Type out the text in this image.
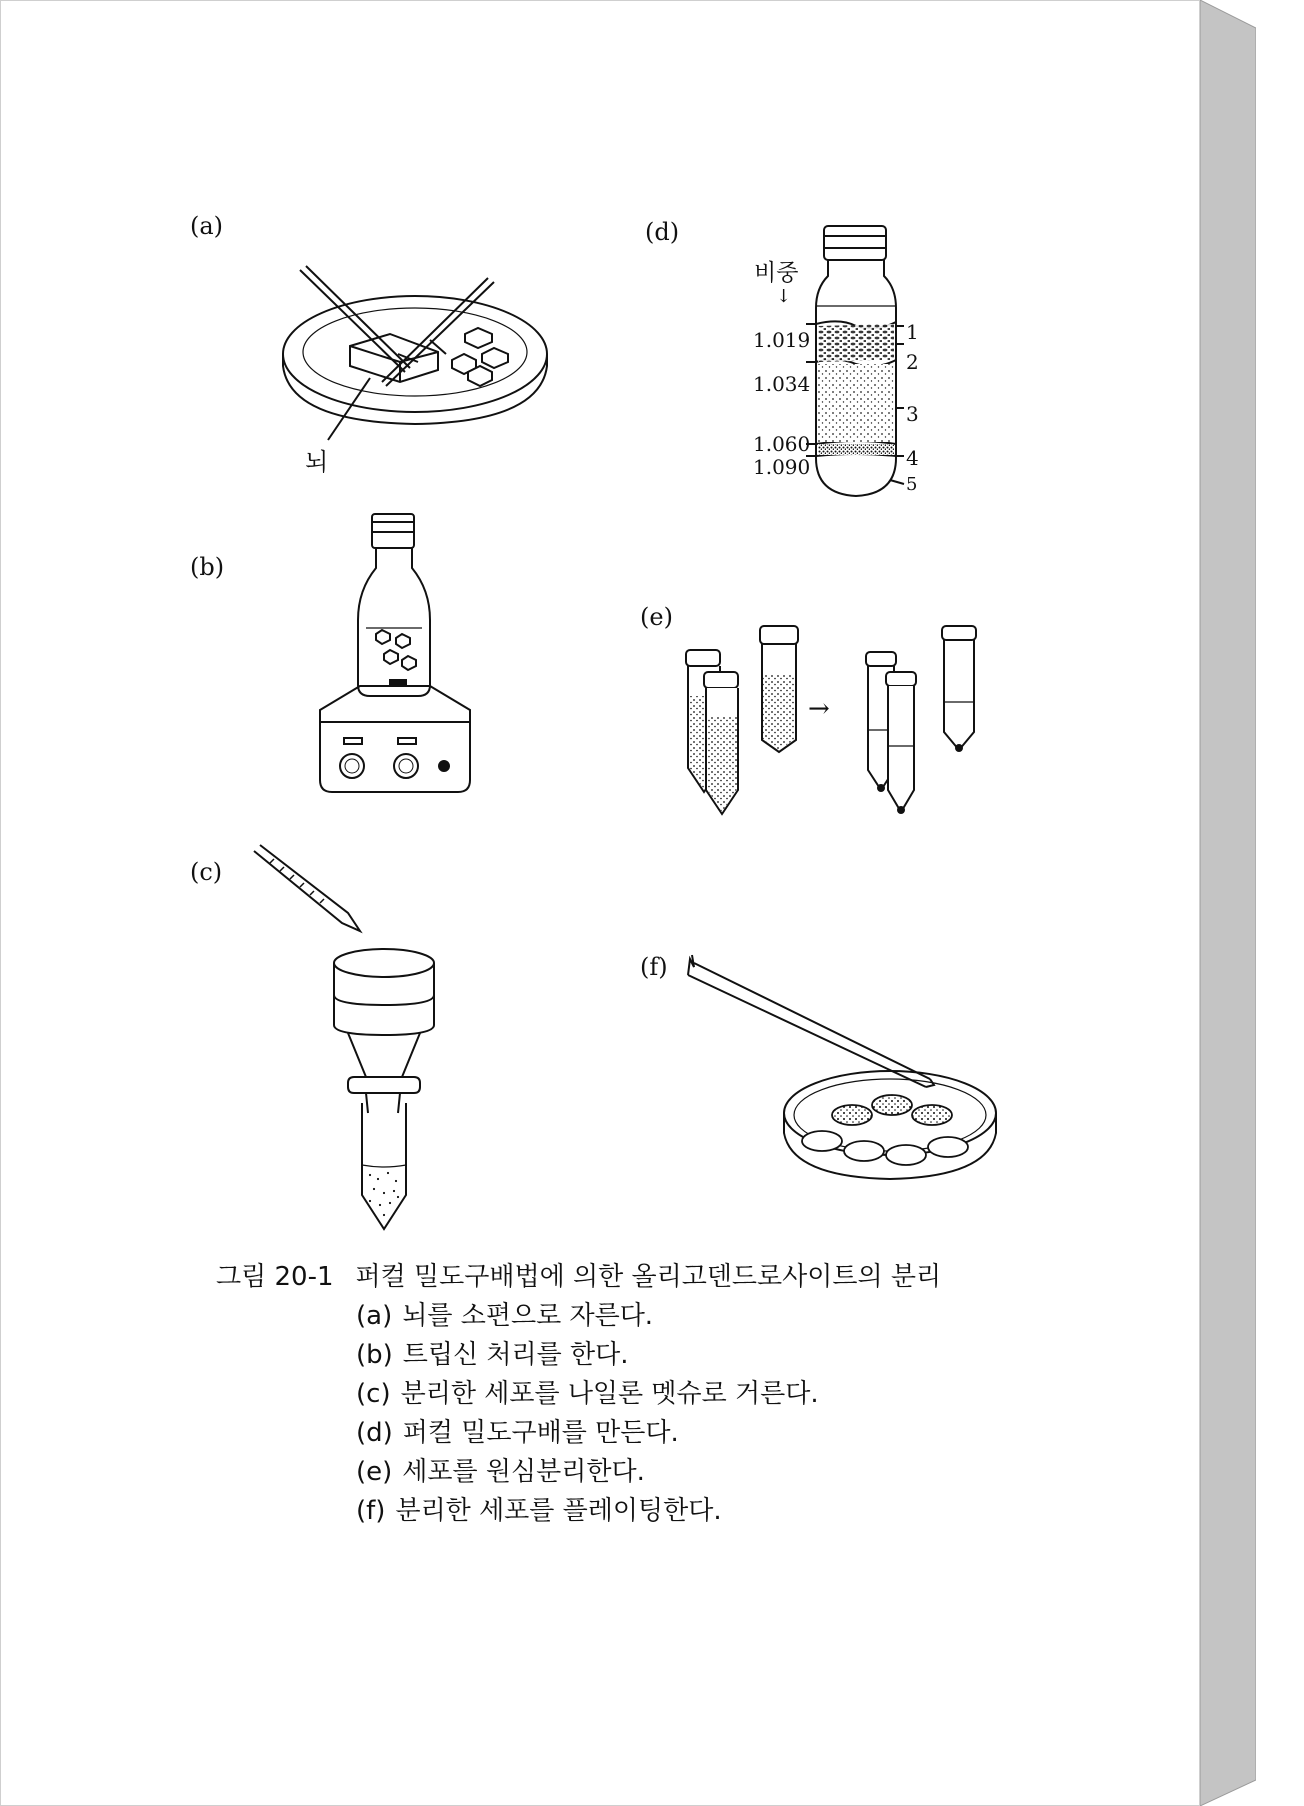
(a)
(b)
(c)
(d)
(e)
(f)
뇌
비중
↓
1.019
1.034
1.060
1.090
1
2
3
4
5
→
그림 20-1 퍼컬 밀도구배법에 의한 올리고덴드로사이트의 분리
(a) 뇌를 소편으로 자른다.
(b) 트립신 처리를 한다.
(c) 분리한 세포를 나일론 멧슈로 거른다.
(d) 퍼컬 밀도구배를 만든다.
(e) 세포를 원심분리한다.
(f) 분리한 세포를 플레이팅한다.
